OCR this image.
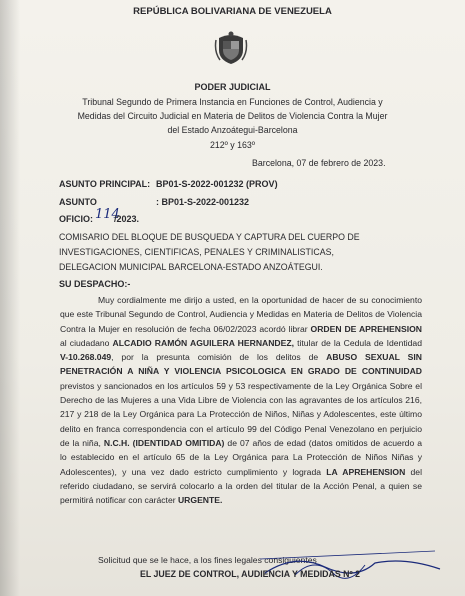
REPÚBLICA BOLIVARIANA DE VENEZUELA
PODER JUDICIAL
Tribunal Segundo de Primera Instancia en Funciones de Control, Audiencia y
Medidas del Circuito Judicial en Materia de Delitos de Violencia Contra la Mujer
del Estado Anzoátegui-Barcelona
212º y 163º
Barcelona, 07 de febrero de 2023.
ASUNTO PRINCIPAL: BP01-S-2022-001232 (PROV)
ASUNTO	: BP01-S-2022-001232
OFICIO: 114
/2023.
COMISARIO DEL BLOQUE DE BUSQUEDA Y CAPTURA DEL CUERPO DE
INVESTIGACIONES, CIENTIFICAS, PENALES Y CRIMINALISTICAS,
DELEGACION MUNICIPAL BARCELONA-ESTADO ANZOÁTEGUI.
SU DESPACHO:-
Muy cordialmente me dirijo a usted, en la oportunidad de hacer de su conocimiento que este Tribunal Segundo de Control, Audiencia y Medidas en Materia de Delitos de Violencia Contra la Mujer en resolución de fecha 06/02/2023 acordó librar ORDEN DE APREHENSION al ciudadano ALCADIO RAMÓN AGUILERA HERNANDEZ, titular de la Cedula de Identidad V-10.268.049, por la presunta comisión de los delitos de ABUSO SEXUAL SIN PENETRACIÓN A NIÑA Y VIOLENCIA PSICOLOGICA EN GRADO DE CONTINUIDAD previstos y sancionados en los artículos 59 y 53 respectivamente de la Ley Orgánica Sobre el Derecho de las Mujeres a una Vida Libre de Violencia con las agravantes de los artículos 216, 217 y 218 de la Ley Orgánica para La Protección de Niños, Niñas y Adolescentes, este último delito en franca correspondencia con el artículo 99 del Código Penal Venezolano en perjuicio de la niña, N.C.H. (IDENTIDAD OMITIDA) de 07 años de edad (datos omitidos de acuerdo a lo establecido en el artículo 65 de la Ley Orgánica para La Protección de Niños Niñas y Adolescentes), y una vez dado estricto cumplimiento y lograda LA APREHENSION del referido ciudadano, se servirá colocarlo a la orden del titular de la Acción Penal, a quien se permitirá notificar con carácter URGENTE.
Solicitud que se le hace, a los fines legales consiguientes
EL JUEZ DE CONTROL, AUDIENCIA Y MEDIDAS Nº 2
